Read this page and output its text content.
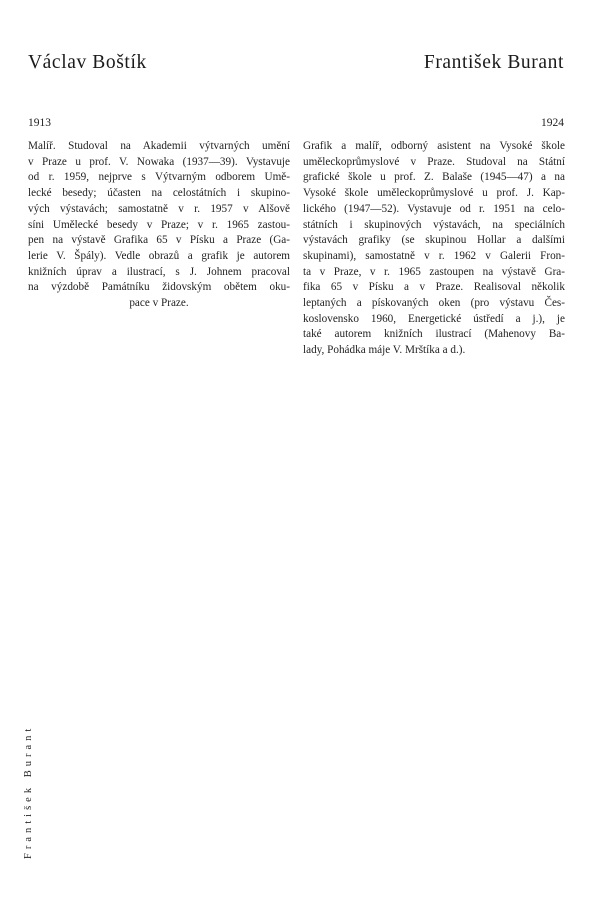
Václav Boštík	František Burant
1913	1924

Malíř. Studoval na Akademii výtvarných umění
v Praze u prof. V. Nowaka (1937—39). Vystavuje
od r. 1959, nejprve s Výtvarným odborem Umě-
lecké besedy; účasten na celostátních i skupino-
vých výstavách; samostatně v r. 1957 v Alšově
síni Umělecké besedy v Praze; v r. 1965 zastou-
pen na výstavě Grafika 65 v Písku a Praze (Ga-
lerie V. Špály). Vedle obrazů a grafik je autorem
knižních úprav a ilustrací, s J. Johnem pracoval
na výzdobě Památníku židovským obětem oku-
pace v Praze.

Grafik a malíř, odborný asistent na Vysoké škole
uměleckoprůmyslové v Praze. Studoval na Státní
grafické škole u prof. Z. Balaše (1945—47) a na
Vysoké škole uměleckoprůmyslové u prof. J. Kap-
lického (1947—52). Vystavuje od r. 1951 na celo-
státních i skupinových výstavách, na speciálních
výstavách grafiky (se skupinou Hollar a dalšími
skupinami), samostatně v r. 1962 v Galerii Fron-
ta v Praze, v r. 1965 zastoupen na výstavě Gra-
fika 65 v Písku a v Praze. Realisoval několik
leptaných a pískovaných oken (pro výstavu Čes-
koslovensko 1960, Energetické ústředí a j.), je
také autorem knižních ilustrací (Mahenovy Ba-
lady, Pohádka máje V. Mrštíka a d.).

František Burant
